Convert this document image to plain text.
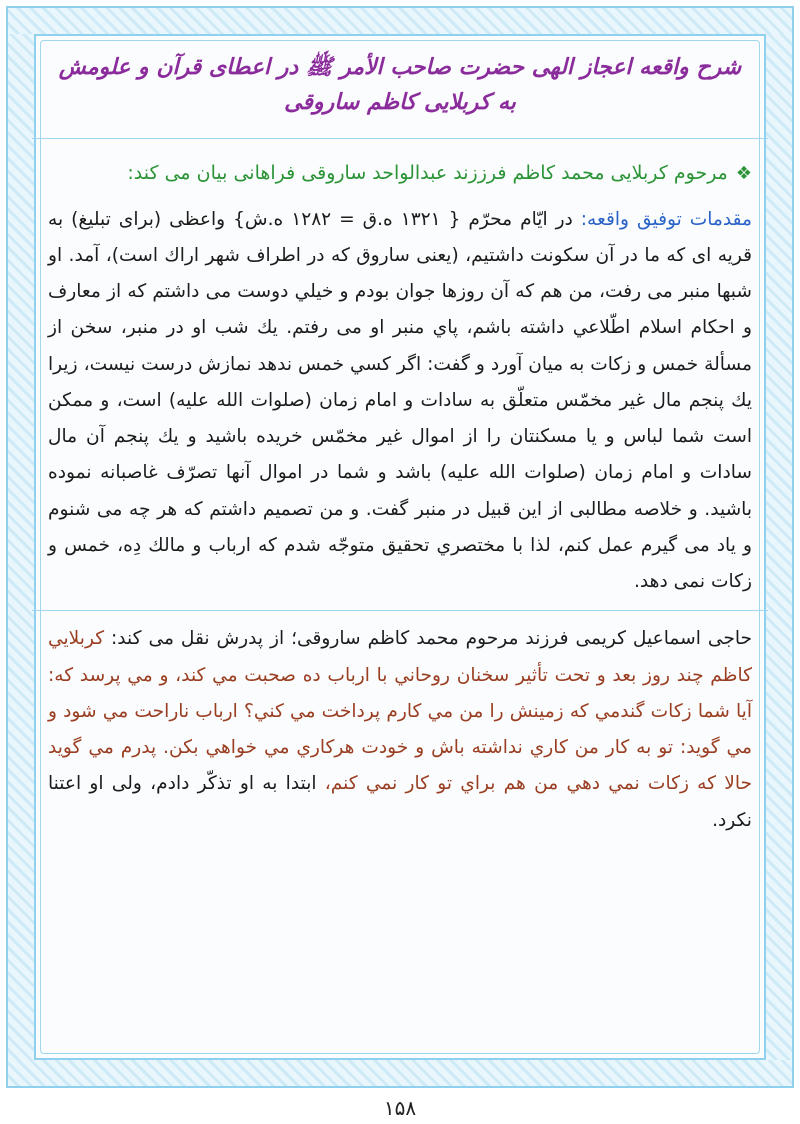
شرح واقعه اعجاز الهی حضرت صاحب الأمر ﷺ در اعطای قرآن و علومش به کربلایی کاظم ساروقی
❖مرحوم کربلایی محمد کاظم فرززند عبدالواحد ساروقی فراهانی بیان می کند:

مقدمات توفیق واقعه: در ایّام محرّم { ۱۳۲۱ ه.ق = ۱۲۸۲ ه.ش} واعظی (برای تبلیغ) به قریه ای که ما در آن سکونت داشتیم، (یعنی ساروق که در اطراف شهر اراك است)، آمد. او شبها منبر می رفت، من هم که آن روزها جوان بودم و خيلي دوست می داشتم که از معارف و احکام اسلام اطّلاعي داشته باشم، پاي منبر او می رفتم. يك شب او در منبر، سخن از مسألة خمس و زکات به میان آورد و گفت: اگر کسي خمس ندهد نمازش درست نیست، زیرا يك پنجم مال غیر مخمّس متعلّق به سادات و امام زمان (صلوات الله علیه) است، و ممکن است شما لباس و یا مسکنتان را از اموال غیر مخمّس خریده باشید و يك پنجم آن مال سادات و امام زمان (صلوات الله علیه) باشد و شما در اموال آنها تصرّف غاصبانه نموده باشید. و خلاصه مطالبی از این قبیل در منبر گفت. و من تصمیم داشتم که هر چه می شنوم و یاد می گیرم عمل کنم، لذا با مختصري تحقیق متوجّه شدم که ارباب و مالك دِه، خمس و زکات نمی دهد.

حاجی اسماعیل کریمی فرزند مرحوم محمد کاظم ساروقی؛ از پدرش نقل می کند: کربلايي کاظم چند روز بعد و تحت تأثیر سخنان روحاني با ارباب ده صحبت مي کند، و مي پرسد که: آیا شما زکات گندمي که زمینش را من مي کارم پرداخت مي کني؟ ارباب ناراحت مي شود و مي گوید: تو به کار من کاري نداشته باش و خودت هرکاري مي خواهي بکن. پدرم مي گوید حالا که زکات نمي دهي من هم براي تو کار نمي کنم، ابتدا به او تذکّر دادم، ولی او اعتنا نکرد.

۱۵۸
